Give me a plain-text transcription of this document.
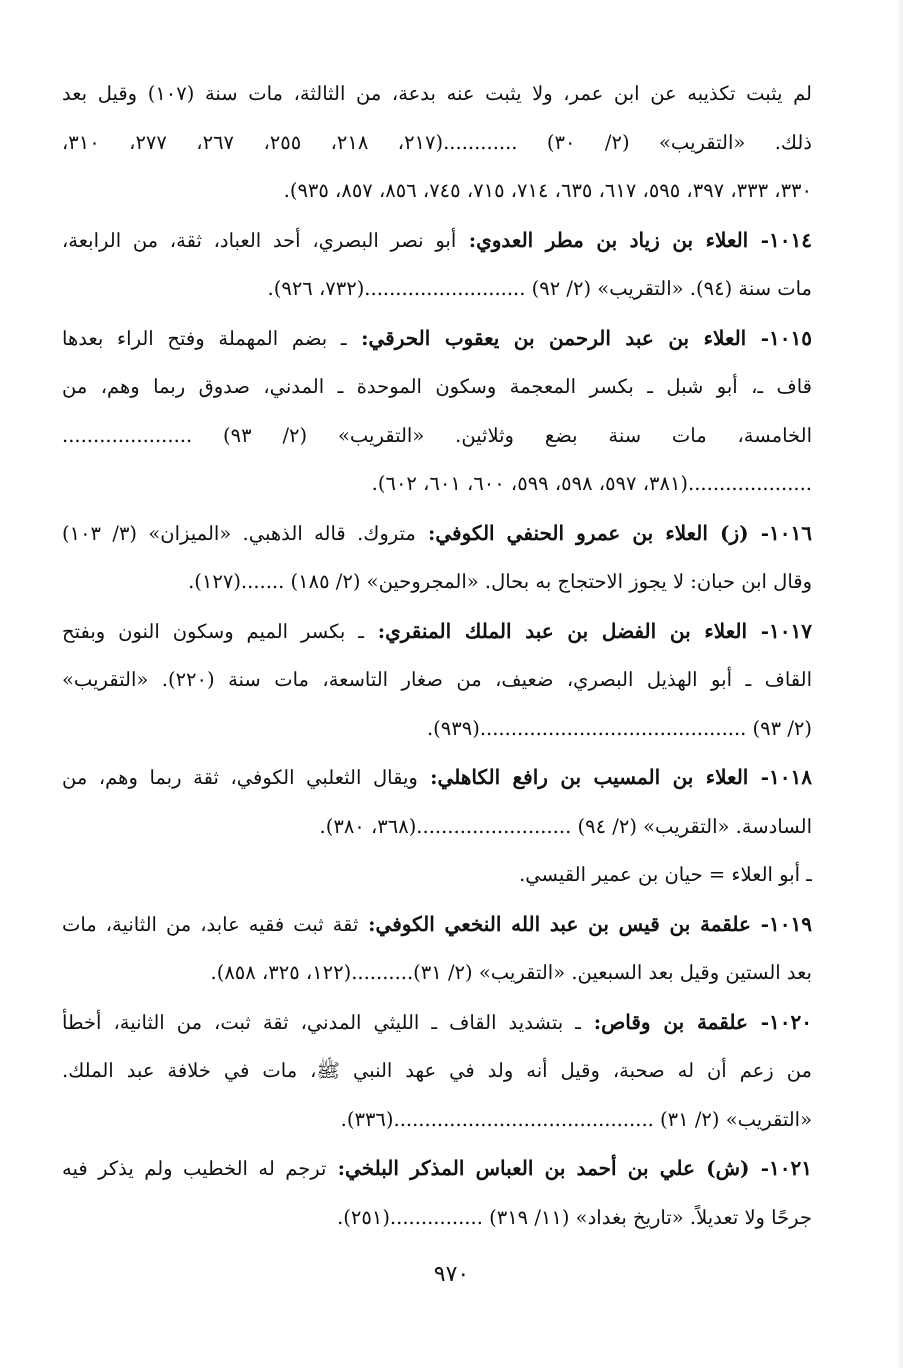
لم يثبت تكذيبه عن ابن عمر، ولا يثبت عنه بدعة، من الثالثة، مات سنة (١٠٧) وقيل بعد
ذلك. «التقريب» (٢/ ٣٠) ............(٢١٧، ٢١٨، ٢٥٥، ٢٦٧، ٢٧٧، ٣١٠،
٣٣٠، ٣٣٣، ٣٩٧، ٥٩٥، ٦١٧، ٦٣٥، ٧١٤، ٧١٥، ٧٤٥، ٨٥٦، ٨٥٧، ٩٣٥).
١٠١٤- العلاء بن زياد بن مطر العدوي: أبو نصر البصري، أحد العباد، ثقة، من الرابعة،
مات سنة (٩٤). «التقريب» (٢/ ٩٢) ..........................(٧٣٢، ٩٢٦).
١٠١٥- العلاء بن عبد الرحمن بن يعقوب الحرقي: ـ بضم المهملة وفتح الراء بعدها
قاف ـ، أبو شبل ـ بكسر المعجمة وسكون الموحدة ـ المدني، صدوق ربما وهم، من
الخامسة، مات سنة بضع وثلاثين. «التقريب» (٢/ ٩٣) .....................
....................(٣٨١، ٥٩٧، ٥٩٨، ٥٩٩، ٦٠٠، ٦٠١، ٦٠٢).
١٠١٦- (ز) العلاء بن عمرو الحنفي الكوفي: متروك. قاله الذهبي. «الميزان» (٣/ ١٠٣)
وقال ابن حبان: لا يجوز الاحتجاج به بحال. «المجروحين» (٢/ ١٨٥) .......(١٢٧).
١٠١٧- العلاء بن الفضل بن عبد الملك المنقري: ـ بكسر الميم وسكون النون وبفتح
القاف ـ أبو الهذيل البصري، ضعيف، من صغار التاسعة، مات سنة (٢٢٠). «التقريب»
(٢/ ٩٣) ...........................................(٩٣٩).
١٠١٨- العلاء بن المسيب بن رافع الكاهلي: ويقال الثعلبي الكوفي، ثقة ربما وهم، من
السادسة. «التقريب» (٢/ ٩٤) .........................(٣٦٨، ٣٨٠).
ـ أبو العلاء = حيان بن عمير القيسي.
١٠١٩- علقمة بن قيس بن عبد الله النخعي الكوفي: ثقة ثبت فقيه عابد، من الثانية، مات
بعد الستين وقيل بعد السبعين. «التقريب» (٢/ ٣١)..........(١٢٢، ٣٢٥، ٨٥٨).
١٠٢٠- علقمة بن وقاص: ـ بتشديد القاف ـ الليثي المدني، ثقة ثبت، من الثانية، أخطأ
من زعم أن له صحبة، وقيل أنه ولد في عهد النبي ﷺ، مات في خلافة عبد الملك.
«التقريب» (٢/ ٣١) ..........................................(٣٣٦).
١٠٢١- (ش) علي بن أحمد بن العباس المذكر البلخي: ترجم له الخطيب ولم يذكر فيه
جرحًا ولا تعديلاً. «تاريخ بغداد» (١١/ ٣١٩) ...............(٢٥١).
٩٧٠
